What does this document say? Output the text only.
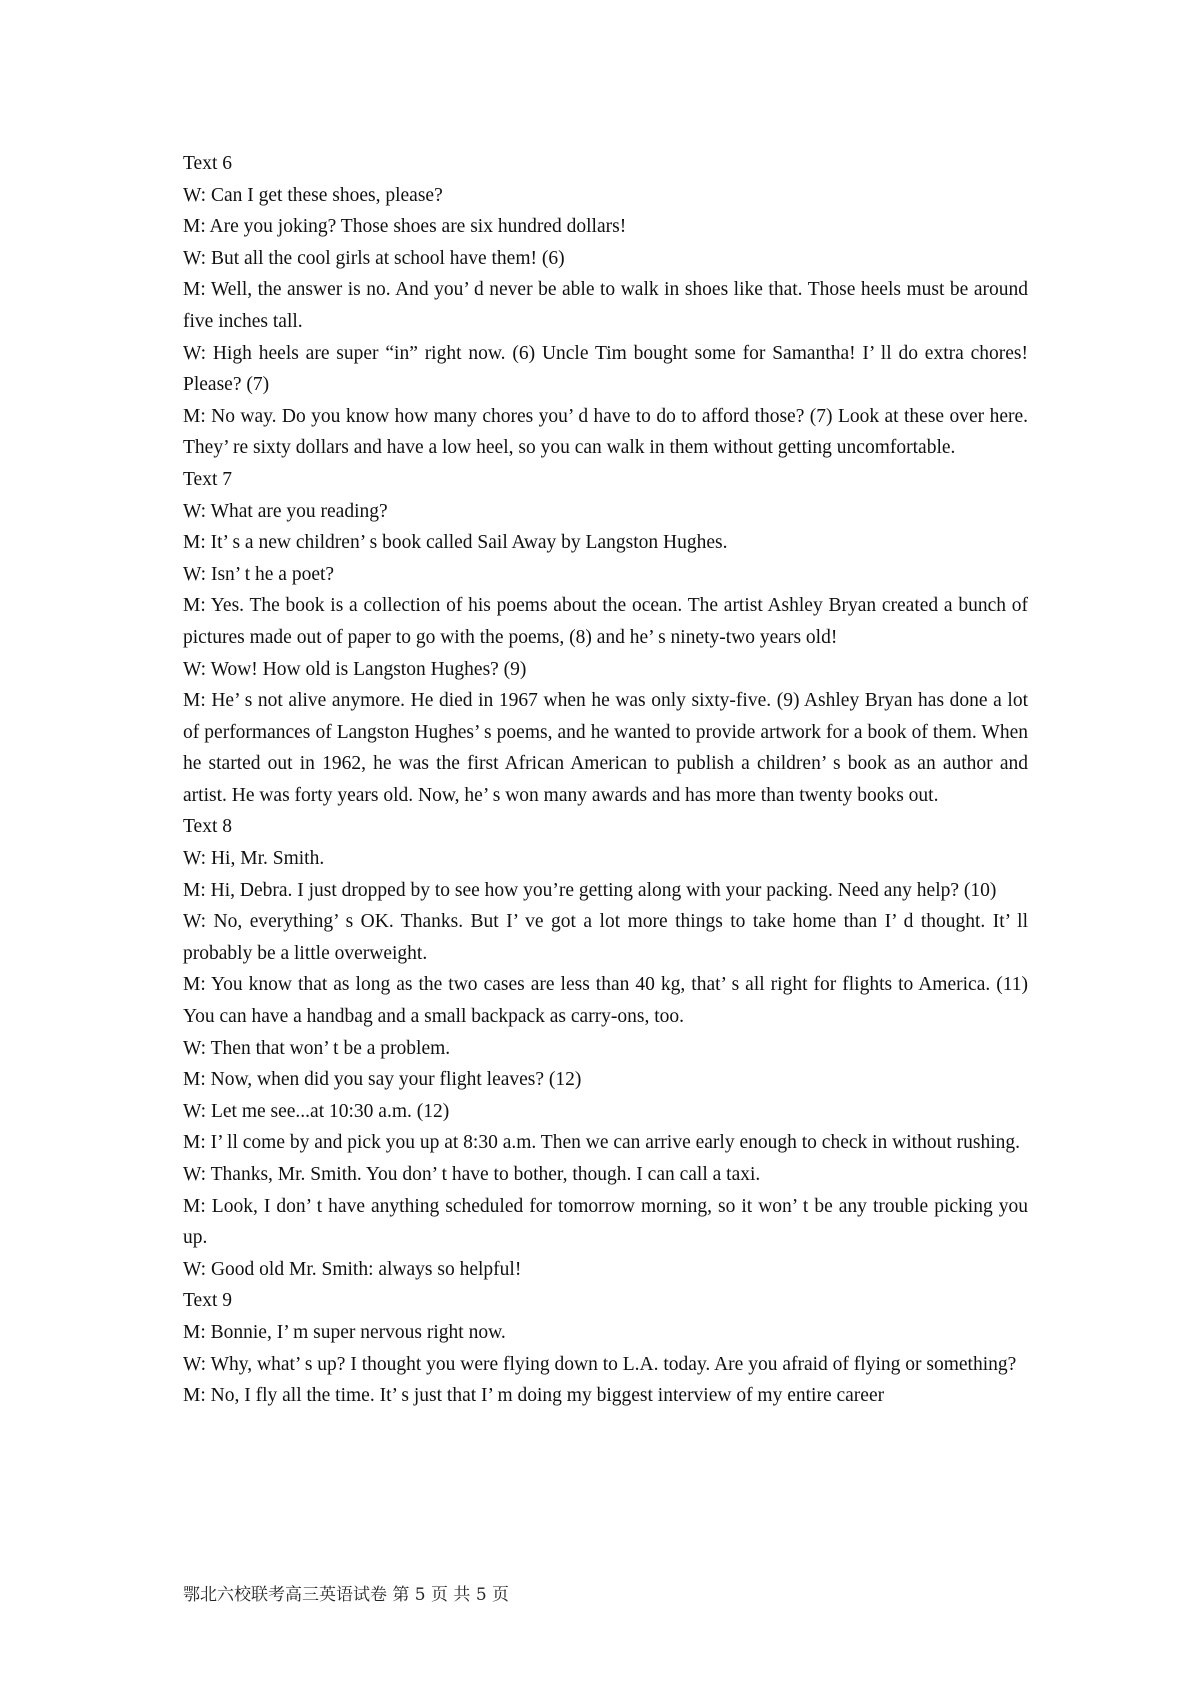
Text 6

W: Can I get these shoes, please?

M: Are you joking? Those shoes are six hundred dollars!

W: But all the cool girls at school have them! (6)

M: Well, the answer is no. And you’ d never be able to walk in shoes like that. Those heels must be around five inches tall.

W: High heels are super “in” right now. (6) Uncle Tim bought some for Samantha! I’ ll do extra chores! Please? (7)

M: No way. Do you know how many chores you’ d have to do to afford those? (7) Look at these over here. They’ re sixty dollars and have a low heel, so you can walk in them without getting uncomfortable.

Text 7

W: What are you reading?

M: It’ s a new children’ s book called Sail Away by Langston Hughes.

W: Isn’ t he a poet?

M: Yes. The book is a collection of his poems about the ocean. The artist Ashley Bryan created a bunch of pictures made out of paper to go with the poems, (8) and he’ s ninety-two years old!

W: Wow! How old is Langston Hughes? (9)

M: He’ s not alive anymore. He died in 1967 when he was only sixty-five. (9) Ashley Bryan has done a lot of performances of Langston Hughes’ s poems, and he wanted to provide artwork for a book of them. When he started out in 1962, he was the first African American to publish a children’ s book as an author and artist. He was forty years old. Now, he’ s won many awards and has more than twenty books out.

Text 8

W: Hi, Mr. Smith.

M: Hi, Debra. I just dropped by to see how you’re getting along with your packing. Need any help? (10)

W: No, everything’ s OK. Thanks. But I’ ve got a lot more things to take home than I’ d thought. It’ ll probably be a little overweight.

M: You know that as long as the two cases are less than 40 kg, that’ s all right for flights to America. (11) You can have a handbag and a small backpack as carry-ons, too.

W: Then that won’ t be a problem.

M: Now, when did you say your flight leaves? (12)

W: Let me see...at 10:30 a.m. (12)

M: I’ ll come by and pick you up at 8:30 a.m. Then we can arrive early enough to check in without rushing.

W: Thanks, Mr. Smith. You don’ t have to bother, though. I can call a taxi.

M: Look, I don’ t have anything scheduled for tomorrow morning, so it won’ t be any trouble picking you up.

W: Good old Mr. Smith: always so helpful!

Text 9

M: Bonnie, I’ m super nervous right now.

W: Why, what’ s up? I thought you were flying down to L.A. today. Are you afraid of flying or something?

M: No, I fly all the time. It’ s just that I’ m doing my biggest interview of my entire career

鄂北六校联考高三英语试卷 第 5 页 共 5 页
